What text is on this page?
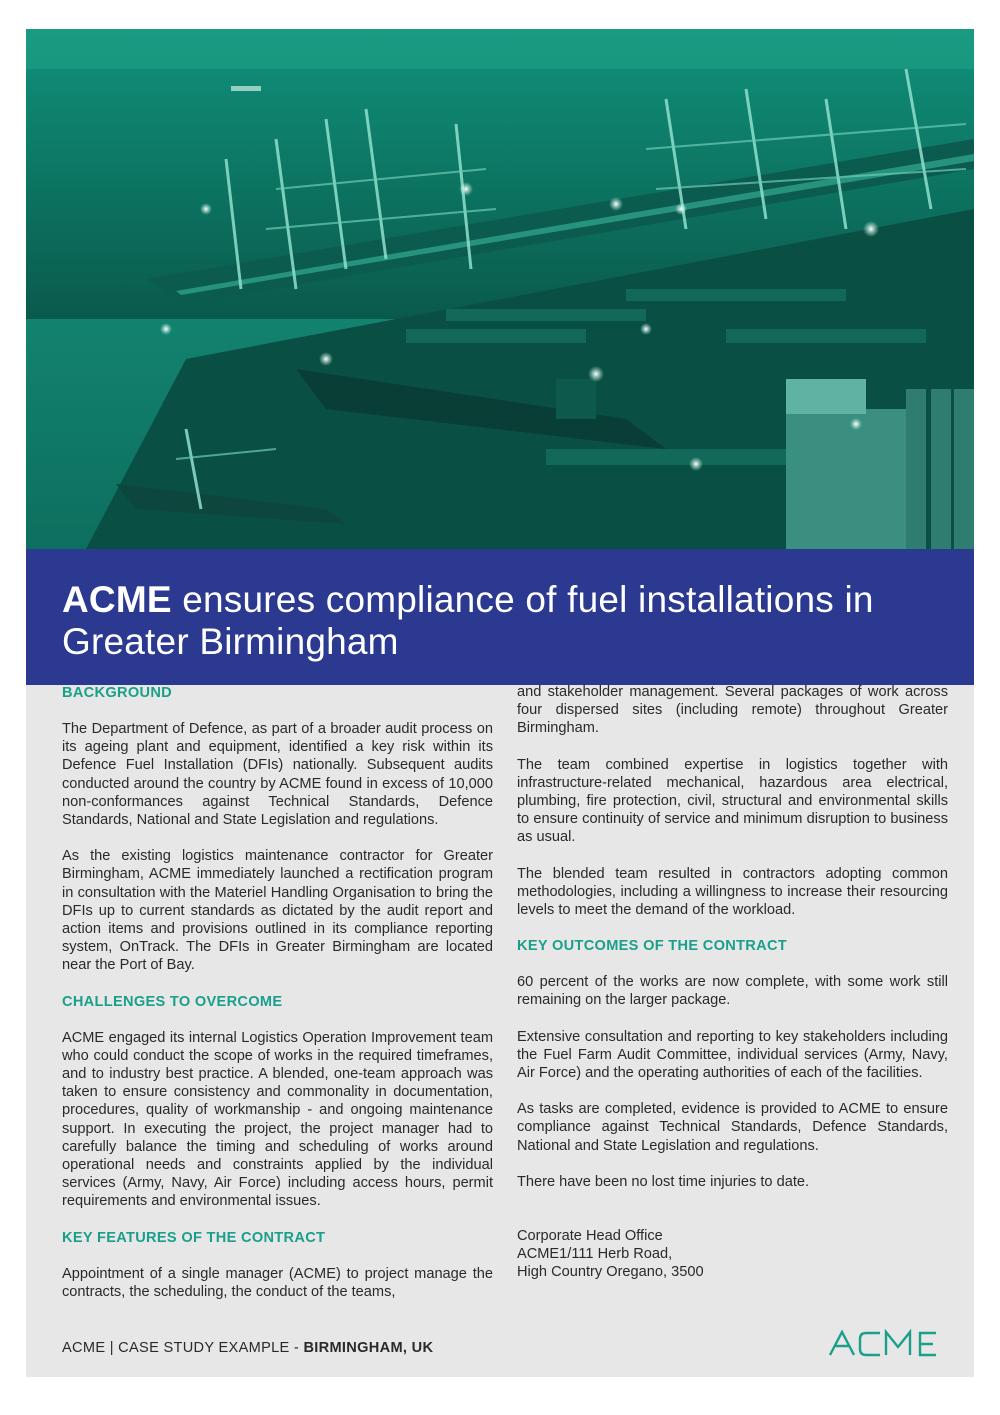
ACME ensures compliance of fuel installations in Greater Birmingham
BACKGROUND

The Department of Defence, as part of a broader audit process on its ageing plant and equipment, identified a key risk within its Defence Fuel Installation (DFIs) nationally. Subsequent audits conducted around the country by ACME found in excess of 10,000 non-conformances against Technical Standards, Defence Standards, National and State Legislation and regulations.

As the existing logistics maintenance contractor for Greater Birmingham, ACME immediately launched a rectification program in consultation with the Materiel Handling Organisation to bring the DFIs up to current standards as dictated by the audit report and action items and provisions outlined in its compliance reporting system, OnTrack. The DFIs in Greater Birmingham are located near the Port of Bay.

CHALLENGES TO OVERCOME

ACME engaged its internal Logistics Operation Improvement team who could conduct the scope of works in the required timeframes, and to industry best practice. A blended, one-team approach was taken to ensure consistency and commonality in documentation, procedures, quality of workmanship - and ongoing maintenance support. In executing the project, the project manager had to carefully balance the timing and scheduling of works around operational needs and constraints applied by the individual services (Army, Navy, Air Force) including access hours, permit requirements and environmental issues.

KEY FEATURES OF THE CONTRACT

Appointment of a single manager (ACME) to project manage the contracts, the scheduling, the conduct of the teams,

and stakeholder management. Several packages of work across four dispersed sites (including remote) throughout Greater Birmingham.

The team combined expertise in logistics together with infrastructure-related mechanical, hazardous area electrical, plumbing, fire protection, civil, structural and environmental skills to ensure continuity of service and minimum disruption to business as usual.

The blended team resulted in contractors adopting common methodologies, including a willingness to increase their resourcing levels to meet the demand of the workload.

KEY OUTCOMES OF THE CONTRACT

60 percent of the works are now complete, with some work still remaining on the larger package.

Extensive consultation and reporting to key stakeholders including the Fuel Farm Audit Committee, individual services (Army, Navy, Air Force) and the operating authorities of each of the facilities.

As tasks are completed, evidence is provided to ACME to ensure compliance against Technical Standards, Defence Standards, National and State Legislation and regulations.

There have been no lost time injuries to date.

Corporate Head Office
ACME1/111 Herb Road,
High Country Oregano, 3500
ACME | CASE STUDY EXAMPLE - BIRMINGHAM, UK
